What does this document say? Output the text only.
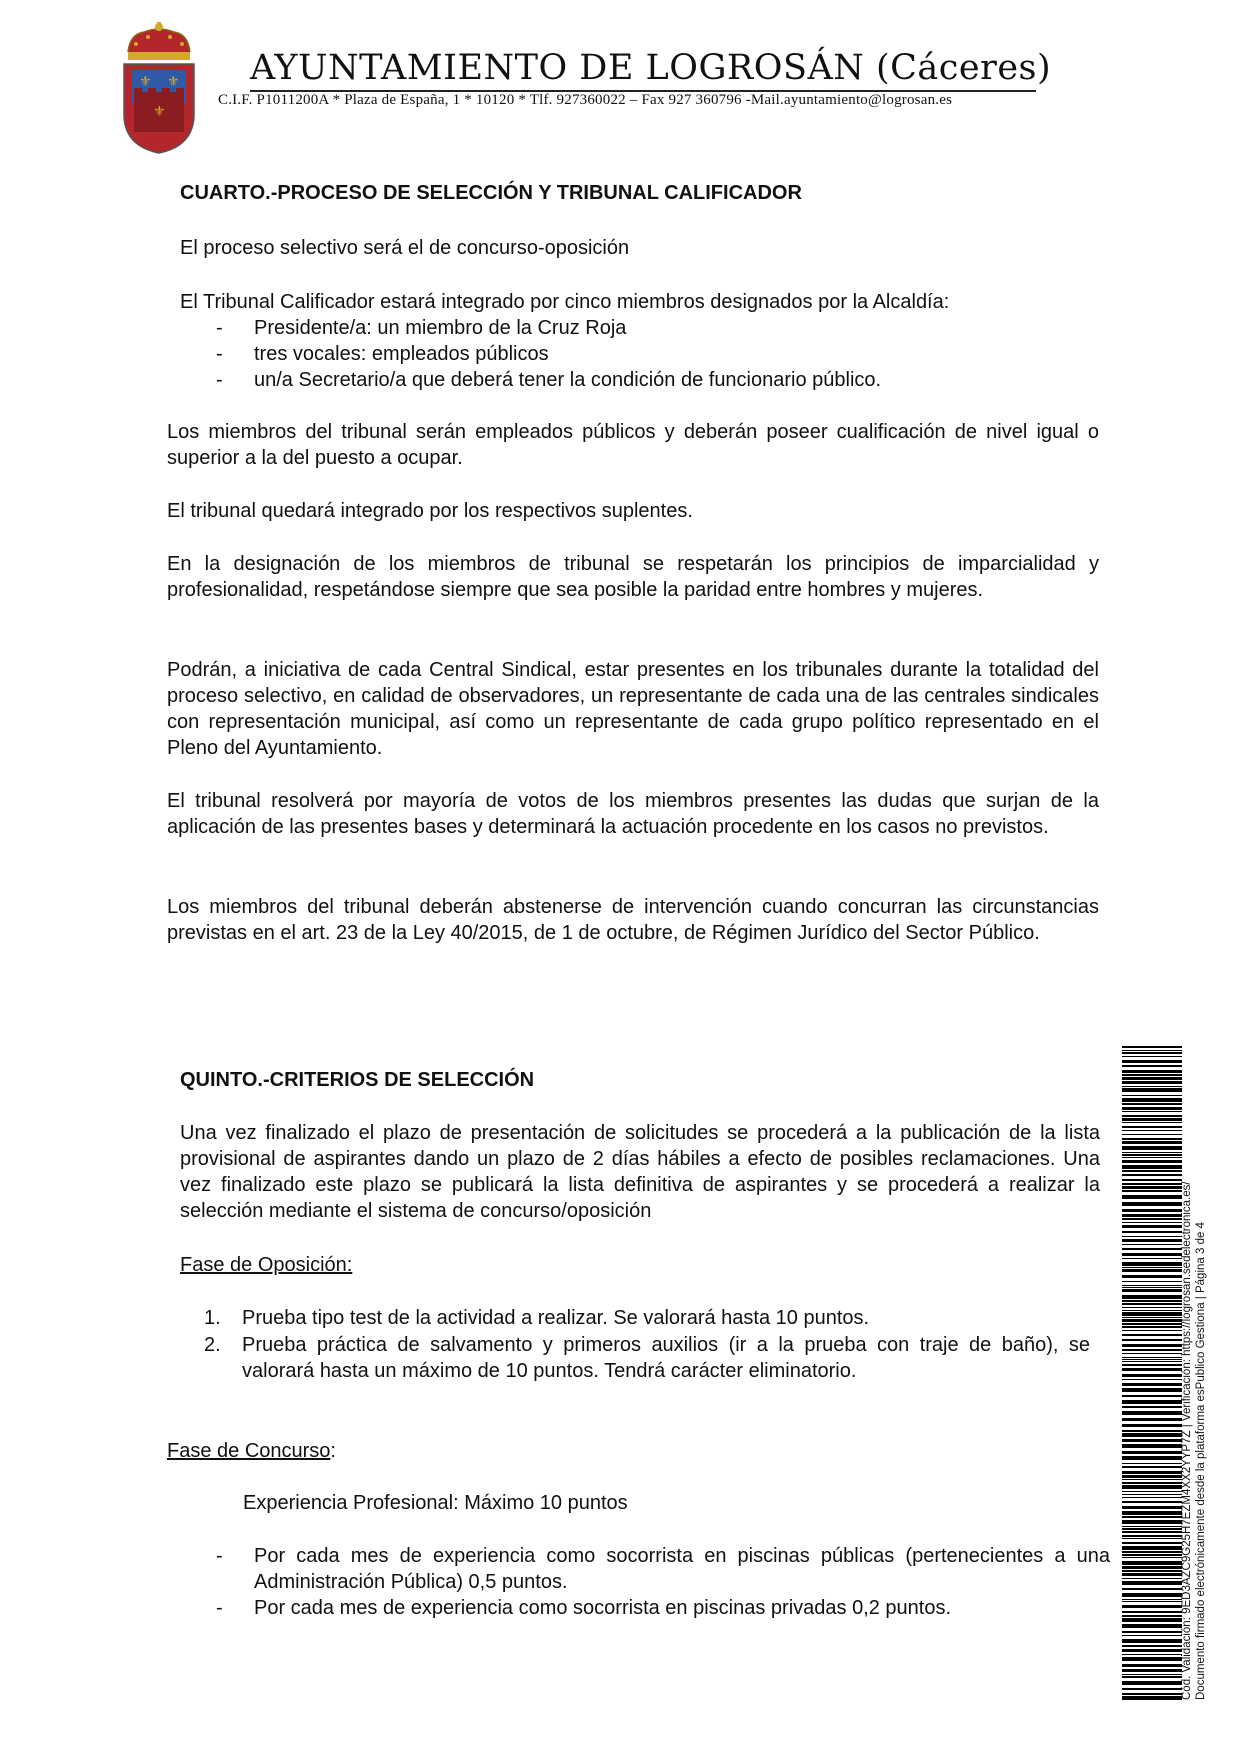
⚜ ⚜
⚜
AYUNTAMIENTO DE LOGROSÁN (Cáceres)
C.I.F. P1011200A * Plaza de España, 1 * 10120 * Tlf. 927360022 – Fax 927 360796 -Mail.ayuntamiento@logrosan.es
CUARTO.-PROCESO DE SELECCIÓN Y TRIBUNAL CALIFICADOR
El proceso selectivo será el de concurso-oposición
El Tribunal Calificador estará integrado por cinco miembros designados por la Alcaldía:
- Presidente/a: un miembro de la Cruz Roja
- tres vocales: empleados públicos
- un/a Secretario/a que deberá tener la condición de funcionario público.
Los miembros del tribunal serán empleados públicos y deberán poseer cualificación de nivel igual o superior a la del puesto a ocupar.
El tribunal quedará integrado por los respectivos suplentes.
En la designación de los miembros de tribunal se respetarán los principios de imparcialidad y profesionalidad, respetándose siempre que sea posible la paridad entre hombres y mujeres.
Podrán, a iniciativa de cada Central Sindical, estar presentes en los tribunales durante la totalidad del proceso selectivo, en calidad de observadores, un representante de cada una de las centrales sindicales con representación municipal, así como un representante de cada grupo político representado en el Pleno del Ayuntamiento.
El tribunal resolverá por mayoría de votos de los miembros presentes las dudas que surjan de la aplicación de las presentes bases y determinará la actuación procedente en los casos no previstos.
Los miembros del tribunal deberán abstenerse de intervención cuando concurran las circunstancias previstas en el art. 23 de la Ley 40/2015, de 1 de octubre, de Régimen Jurídico del Sector Público.
QUINTO.-CRITERIOS DE SELECCIÓN
Una vez finalizado el plazo de presentación de solicitudes se procederá a la publicación de la lista provisional de aspirantes dando un plazo de 2 días hábiles a efecto de posibles reclamaciones. Una vez finalizado este plazo se publicará la lista definitiva de aspirantes y se procederá a realizar la selección mediante el sistema de concurso/oposición
Fase de Oposición:
1. Prueba tipo test de la actividad a realizar. Se valorará hasta 10 puntos.
2. Prueba práctica de salvamento y primeros auxilios (ir a la prueba con traje de baño), se valorará hasta un máximo de 10 puntos. Tendrá carácter eliminatorio.
Fase de Concurso:
Experiencia Profesional: Máximo 10 puntos
- Por cada mes de experiencia como socorrista en piscinas públicas (pertenecientes a una Administración Pública) 0,5 puntos.
- Por cada mes de experiencia como socorrista en piscinas privadas 0,2 puntos.	Cód. Validación: 9ED3AZC9G25H7EZM4XX2YYP7Z | Verificación: https://logrosan.sedelectronica.es/ Documento firmado electrónicamente desde la plataforma esPublico Gestiona | Página 3 de 4
